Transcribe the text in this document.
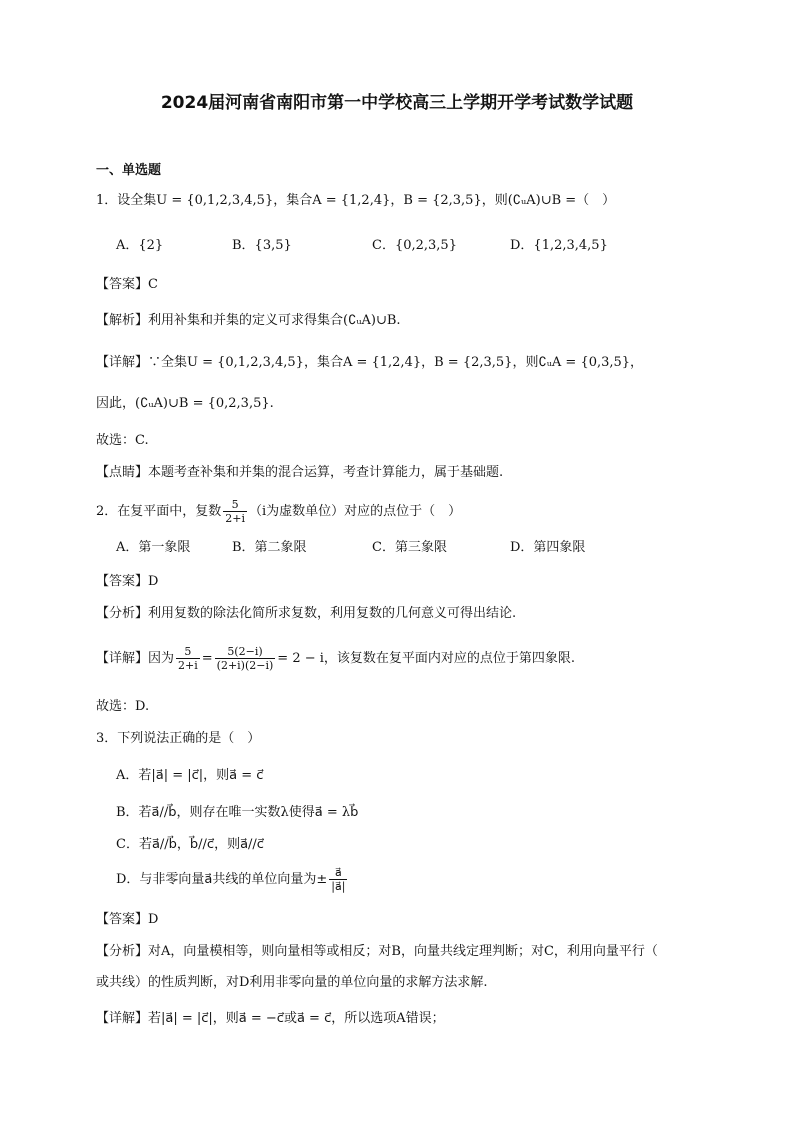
2024届河南省南阳市第一中学校高三上学期开学考试数学试题
一、单选题
1．设全集U = {0,1,2,3,4,5}，集合A = {1,2,4}，B = {2,3,5}，则(∁ᵤA)∪B =（　）
A．{2}	B．{3,5}	C．{0,2,3,5}	D．{1,2,3,4,5}
【答案】C
【解析】利用补集和并集的定义可求得集合(∁ᵤA)∪B.
【详解】∵全集U = {0,1,2,3,4,5}，集合A = {1,2,4}，B = {2,3,5}，则∁ᵤA = {0,3,5}，
因此，(∁ᵤA)∪B = {0,2,3,5}.
故选：C.
【点睛】本题考查补集和并集的混合运算，考查计算能力，属于基础题.
2．在复平面中，复数 $\frac{5}{2+i} (i$为虚数单位）对应的点位于（　）
A．第一象限	B．第二象限	C．第三象限	D．第四象限
【答案】D
【分析】利用复数的除法化简所求复数，利用复数的几何意义可得出结论.
【详解】因为 $\frac{5}{2+i} = \frac{5(2-i)}{(2+i)(2-i)} = 2 - i$，该复数在复平面内对应的点位于第四象限.
故选：D.
3．下列说法正确的是（　）
A．若|a⃗| = |c⃗|，则a⃗ = c⃗
B．若a⃗//b⃗，则存在唯一实数λ使得a⃗ = λb⃗
C．若a⃗//b⃗，b⃗//c⃗，则a⃗//c⃗
D．与非零向量a⃗共线的单位向量为± $\frac{a⃗}{|a⃗|}$
【答案】D
【分析】对A，向量模相等，则向量相等或相反；对B，向量共线定理判断；对C，利用向量平行（
或共线）的性质判断，对D利用非零向量的单位向量的求解方法求解.
【详解】若|a⃗| = |c⃗|，则a⃗ = −c⃗或a⃗ = c⃗，所以选项A错误；
